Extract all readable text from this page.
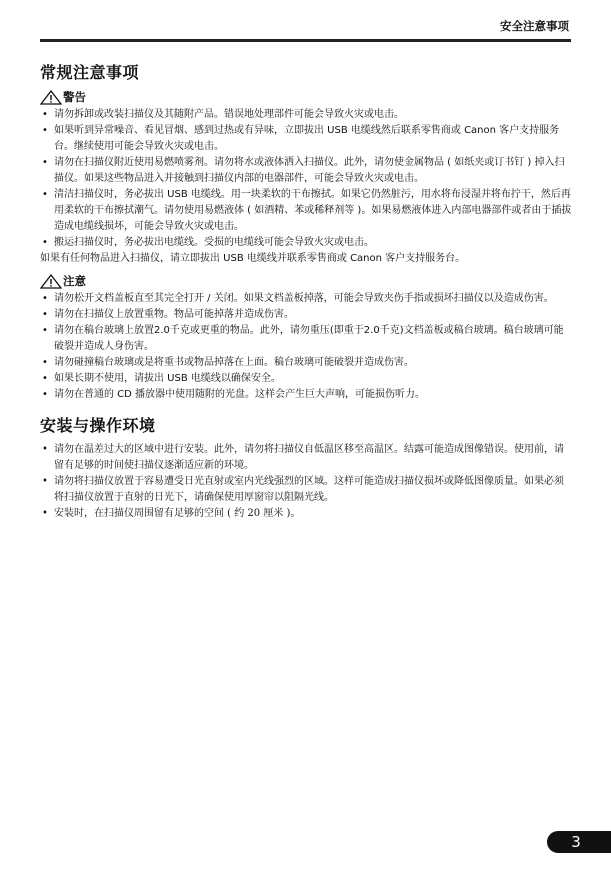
安全注意事项
常规注意事项
警告
• 请勿拆卸或改装扫描仪及其随附产品。错误地处理部件可能会导致火灾或电击。
• 如果听到异常噪音、看见冒烟、感到过热或有异味，立即拔出 USB 电缆线然后联系零售商或 Canon 客户支持服务台。继续使用可能会导致火灾或电击。
• 请勿在扫描仪附近使用易燃喷雾剂。请勿将水或液体洒入扫描仪。此外，请勿使金属物品 ( 如纸夹或订书钉 ) 掉入扫描仪。如果这些物品进入并接触到扫描仪内部的电器部件，可能会导致火灾或电击。
• 清洁扫描仪时，务必拔出 USB 电缆线。用一块柔软的干布擦拭。如果它仍然脏污，用水将布浸湿并将布拧干，然后再用柔软的干布擦拭潮气。请勿使用易燃液体 ( 如酒精、苯或稀释剂等 )。如果易燃液体进入内部电器部件或者由于插拔造成电缆线损坏，可能会导致火灾或电击。
• 搬运扫描仪时，务必拔出电缆线。受损的电缆线可能会导致火灾或电击。

如果有任何物品进入扫描仪，请立即拔出 USB 电缆线并联系零售商或 Canon 客户支持服务台。

注意
• 请勿松开文档盖板直至其完全打开 / 关闭。如果文档盖板掉落，可能会导致夹伤手指或损坏扫描仪以及造成伤害。
• 请勿在扫描仪上放置重物。物品可能掉落并造成伤害。
• 请勿在稿台玻璃上放置2.0千克或更重的物品。此外，请勿重压(即重于2.0千克)文档盖板或稿台玻璃。稿台玻璃可能破裂并造成人身伤害。
• 请勿碰撞稿台玻璃或是将重书或物品掉落在上面。稿台玻璃可能破裂并造成伤害。
• 如果长期不使用，请拔出 USB 电缆线以确保安全。
• 请勿在普通的 CD 播放器中使用随附的光盘。这样会产生巨大声响，可能损伤听力。
安装与操作环境
• 请勿在温差过大的区域中进行安装。此外，请勿将扫描仪自低温区移至高温区。结露可能造成图像错误。使用前，请留有足够的时间使扫描仪逐渐适应新的环境。
• 请勿将扫描仪放置于容易遭受日光直射或室内光线强烈的区域。这样可能造成扫描仪损坏或降低图像质量。如果必须将扫描仪放置于直射的日光下，请确保使用厚窗帘以阻隔光线。
• 安装时，在扫描仪周围留有足够的空间 ( 约 20 厘米 )。
3
